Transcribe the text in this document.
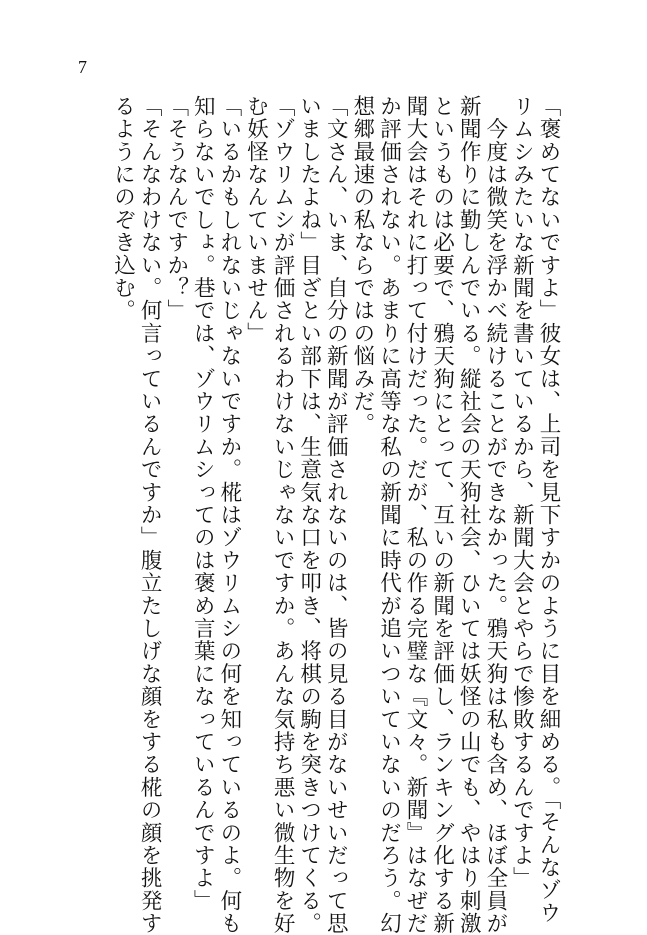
7
「褒めてないですよ」彼女は、上司を見下すかのように目を細める。「そんなゾウ
リムシみたいな新聞を書いているから、新聞大会とやらで惨敗するんですよ」
　今度は微笑を浮かべ続けることができなかった。鴉天狗は私も含め、ほぼ全員が
新聞作りに勤しんでいる。縦社会の天狗社会、ひいては妖怪の山でも、やはり刺激
というものは必要で、鴉天狗にとって、互いの新聞を評価し、ランキング化する新
聞大会はそれに打って付けだった。だが、私の作る完璧な『文々。新聞』はなぜだ
か評価されない。あまりに高等な私の新聞に時代が追いついていないのだろう。幻
想郷最速の私ならではの悩みだ。
「文さん、いま、自分の新聞が評価されないのは、皆の見る目がないせいだって思
いましたよね」目ざとい部下は、生意気な口を叩き、将棋の駒を突きつけてくる。
「ゾウリムシが評価されるわけないじゃないですか。あんな気持ち悪い微生物を好
む妖怪なんていません」
「いるかもしれないじゃないですか。椛はゾウリムシの何を知っているのよ。何も
知らないでしょ。巷では、ゾウリムシってのは褒め言葉になっているんですよ」
「そうなんですか？」
「そんなわけない。何言っているんですか」腹立たしげな顔をする椛の顔を挑発す
るようにのぞき込む。
